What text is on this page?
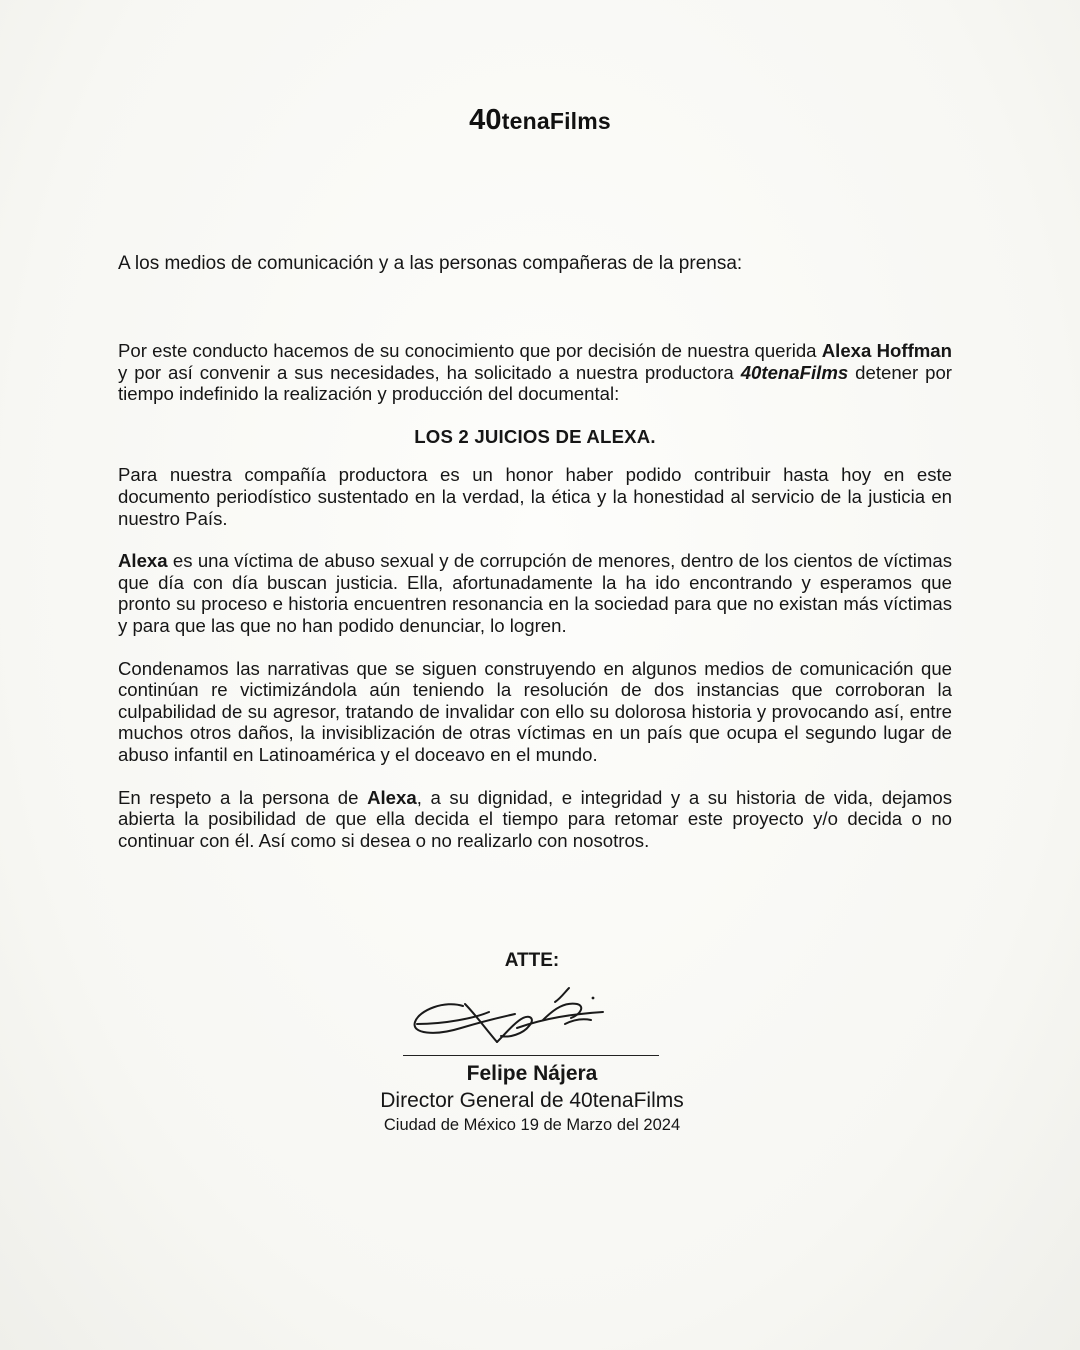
40tenaFilms
A los medios de comunicación y a las personas compañeras de la prensa:

Por este conducto hacemos de su conocimiento que por decisión de nuestra querida Alexa Hoffman y por así convenir a sus necesidades, ha solicitado a nuestra productora 40tenaFilms detener por tiempo indefinido la realización y producción del documental:

LOS 2 JUICIOS DE ALEXA.

Para nuestra compañía productora es un honor haber podido contribuir hasta hoy en este documento periodístico sustentado en la verdad, la ética y la honestidad al servicio de la justicia en nuestro País.

Alexa es una víctima de abuso sexual y de corrupción de menores, dentro de los cientos de víctimas que día con día buscan justicia. Ella, afortunadamente la ha ido encontrando y esperamos que pronto su proceso e historia encuentren resonancia en la sociedad para que no existan más víctimas y para que las que no han podido denunciar, lo logren.

Condenamos las narrativas que se siguen construyendo en algunos medios de comunicación que continúan re victimizándola aún teniendo la resolución de dos instancias que corroboran la culpabilidad de su agresor, tratando de invalidar con ello su dolorosa historia y provocando así, entre muchos otros daños, la invisiblización de otras víctimas en un país que ocupa el segundo lugar de abuso infantil en Latinoamérica y el doceavo en el mundo.

En respeto a la persona de Alexa, a su dignidad, e integridad y a su historia de vida, dejamos abierta la posibilidad de que ella decida el tiempo para retomar este proyecto y/o decida o no continuar con él. Así como si desea o no realizarlo con nosotros.

ATTE:
Felipe Nájera
Director General de 40tenaFilms
Ciudad de México 19 de Marzo del 2024
